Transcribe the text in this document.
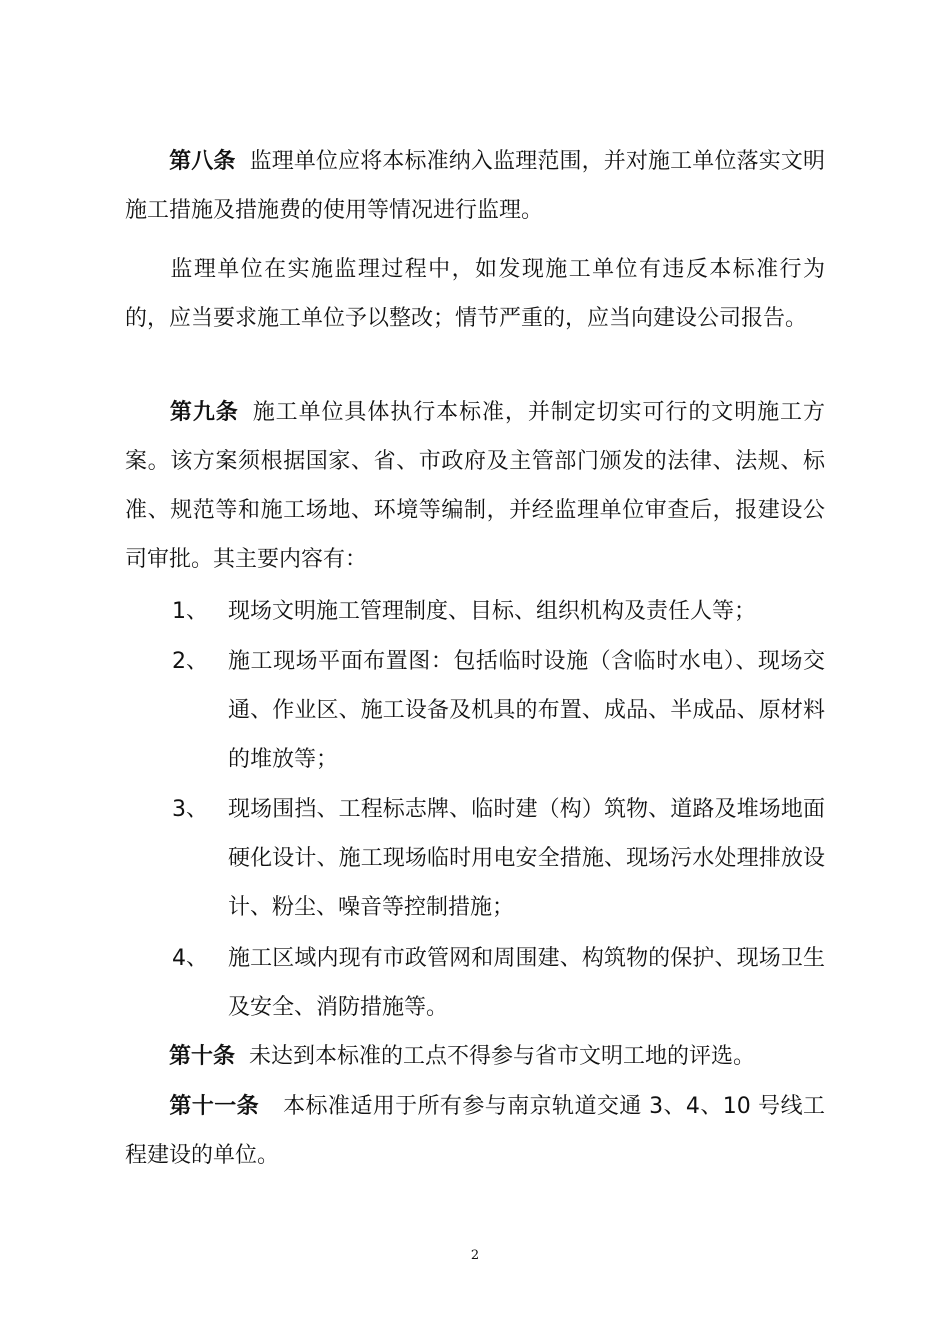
第八条 监理单位应将本标准纳入监理范围，并对施工单位落实文明施工措施及措施费的使用等情况进行监理。

监理单位在实施监理过程中，如发现施工单位有违反本标准行为的，应当要求施工单位予以整改；情节严重的，应当向建设公司报告。

第九条 施工单位具体执行本标准，并制定切实可行的文明施工方案。该方案须根据国家、省、市政府及主管部门颁发的法律、法规、标准、规范等和施工场地、环境等编制，并经监理单位审查后，报建设公司审批。其主要内容有：

1、 现场文明施工管理制度、目标、组织机构及责任人等；
2、 施工现场平面布置图：包括临时设施（含临时水电）、现场交通、作业区、施工设备及机具的布置、成品、半成品、原材料的堆放等；
3、 现场围挡、工程标志牌、临时建（构）筑物、道路及堆场地面硬化设计、施工现场临时用电安全措施、现场污水处理排放设计、粉尘、噪音等控制措施；
4、 施工区域内现有市政管网和周围建、构筑物的保护、现场卫生及安全、消防措施等。

第十条 未达到本标准的工点不得参与省市文明工地的评选。

第十一条 本标准适用于所有参与南京轨道交通 3、4、10 号线工程建设的单位。

2
